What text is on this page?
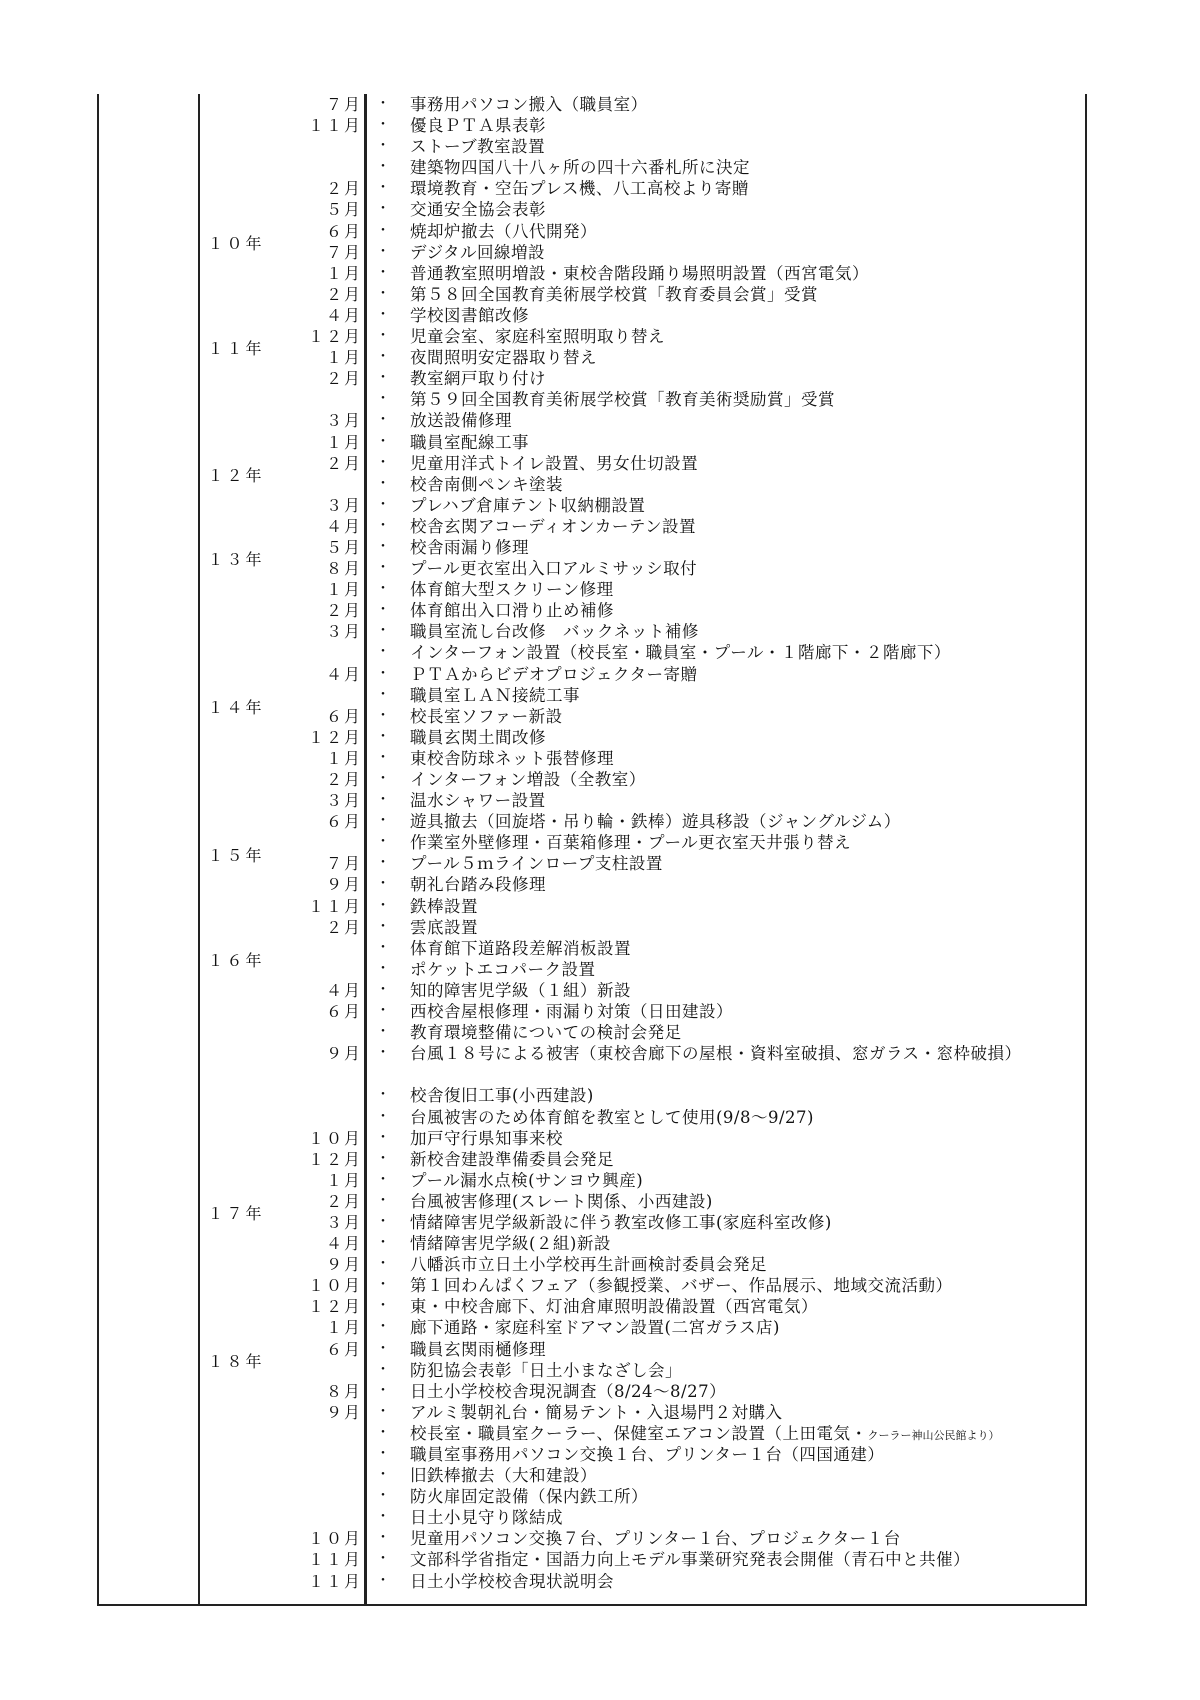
１０年
１１年
１２年
１３年
１４年
１５年
１６年
１７年
１８年
７月 ・ 事務用パソコン搬入（職員室）
１１月 ・ 優良ＰＴＡ県表彰
・ ストーブ教室設置
・ 建築物四国八十八ヶ所の四十六番札所に決定
２月 ・ 環境教育・空缶プレス機、八工高校より寄贈
５月 ・ 交通安全協会表彰
６月 ・ 焼却炉撤去（八代開発）
７月 ・ デジタル回線増設
１月 ・ 普通教室照明増設・東校舎階段踊り場照明設置（西宮電気）
２月 ・ 第５８回全国教育美術展学校賞「教育委員会賞」受賞
４月 ・ 学校図書館改修
１２月 ・ 児童会室、家庭科室照明取り替え
１月 ・ 夜間照明安定器取り替え
２月 ・ 教室網戸取り付け
・ 第５９回全国教育美術展学校賞「教育美術奨励賞」受賞
３月 ・ 放送設備修理
１月 ・ 職員室配線工事
２月 ・ 児童用洋式トイレ設置、男女仕切設置
・ 校舎南側ペンキ塗装
３月 ・ プレハブ倉庫テント収納棚設置
４月 ・ 校舎玄関アコーディオンカーテン設置
５月 ・ 校舎雨漏り修理
８月 ・ プール更衣室出入口アルミサッシ取付
１月 ・ 体育館大型スクリーン修理
２月 ・ 体育館出入口滑り止め補修
３月 ・ 職員室流し台改修　バックネット補修
・ インターフォン設置（校長室・職員室・プール・１階廊下・２階廊下）
４月 ・ ＰＴＡからビデオプロジェクター寄贈
・ 職員室ＬＡＮ接続工事
６月 ・ 校長室ソファー新設
１２月 ・ 職員玄関土間改修
１月 ・ 東校舎防球ネット張替修理
２月 ・ インターフォン増設（全教室）
３月 ・ 温水シャワー設置
６月 ・ 遊具撤去（回旋塔・吊り輪・鉄棒）遊具移設（ジャングルジム）
・ 作業室外壁修理・百葉箱修理・プール更衣室天井張り替え
７月 ・ プール５ｍラインロープ支柱設置
９月 ・ 朝礼台踏み段修理
１１月 ・ 鉄棒設置
２月 ・ 雲底設置
・ 体育館下道路段差解消板設置
・ ポケットエコパーク設置
４月 ・ 知的障害児学級（１組）新設
６月 ・ 西校舎屋根修理・雨漏り対策（日田建設）
・ 教育環境整備についての検討会発足
９月 ・ 台風１８号による被害（東校舎廊下の屋根・資料室破損、窓ガラス・窓枠破損）
・ 校舎復旧工事(小西建設)
・ 台風被害のため体育館を教室として使用(9/8〜9/27)
１０月 ・ 加戸守行県知事来校
１２月 ・ 新校舎建設準備委員会発足
１月 ・ プール漏水点検(サンヨウ興産)
２月 ・ 台風被害修理(スレート関係、小西建設)
３月 ・ 情緒障害児学級新設に伴う教室改修工事(家庭科室改修)
４月 ・ 情緒障害児学級(２組)新設
９月 ・ 八幡浜市立日土小学校再生計画検討委員会発足
１０月 ・ 第１回わんぱくフェア（参観授業、バザー、作品展示、地域交流活動）
１２月 ・ 東・中校舎廊下、灯油倉庫照明設備設置（西宮電気）
１月 ・ 廊下通路・家庭科室ドアマン設置(二宮ガラス店)
６月 ・ 職員玄関雨樋修理
・ 防犯協会表彰「日土小まなざし会」
８月 ・ 日土小学校校舎現況調査（8/24〜8/27）
９月 ・ アルミ製朝礼台・簡易テント・入退場門２対購入
・ 校長室・職員室クーラー、保健室エアコン設置（上田電気・クーラー神山公民館より）
・ 職員室事務用パソコン交換１台、プリンター１台（四国通建）
・ 旧鉄棒撤去（大和建設）
・ 防火扉固定設備（保内鉄工所）
・ 日土小見守り隊結成
１０月 ・ 児童用パソコン交換７台、プリンター１台、プロジェクター１台
１１月 ・ 文部科学省指定・国語力向上モデル事業研究発表会開催（青石中と共催）
１１月 ・ 日土小学校校舎現状説明会
